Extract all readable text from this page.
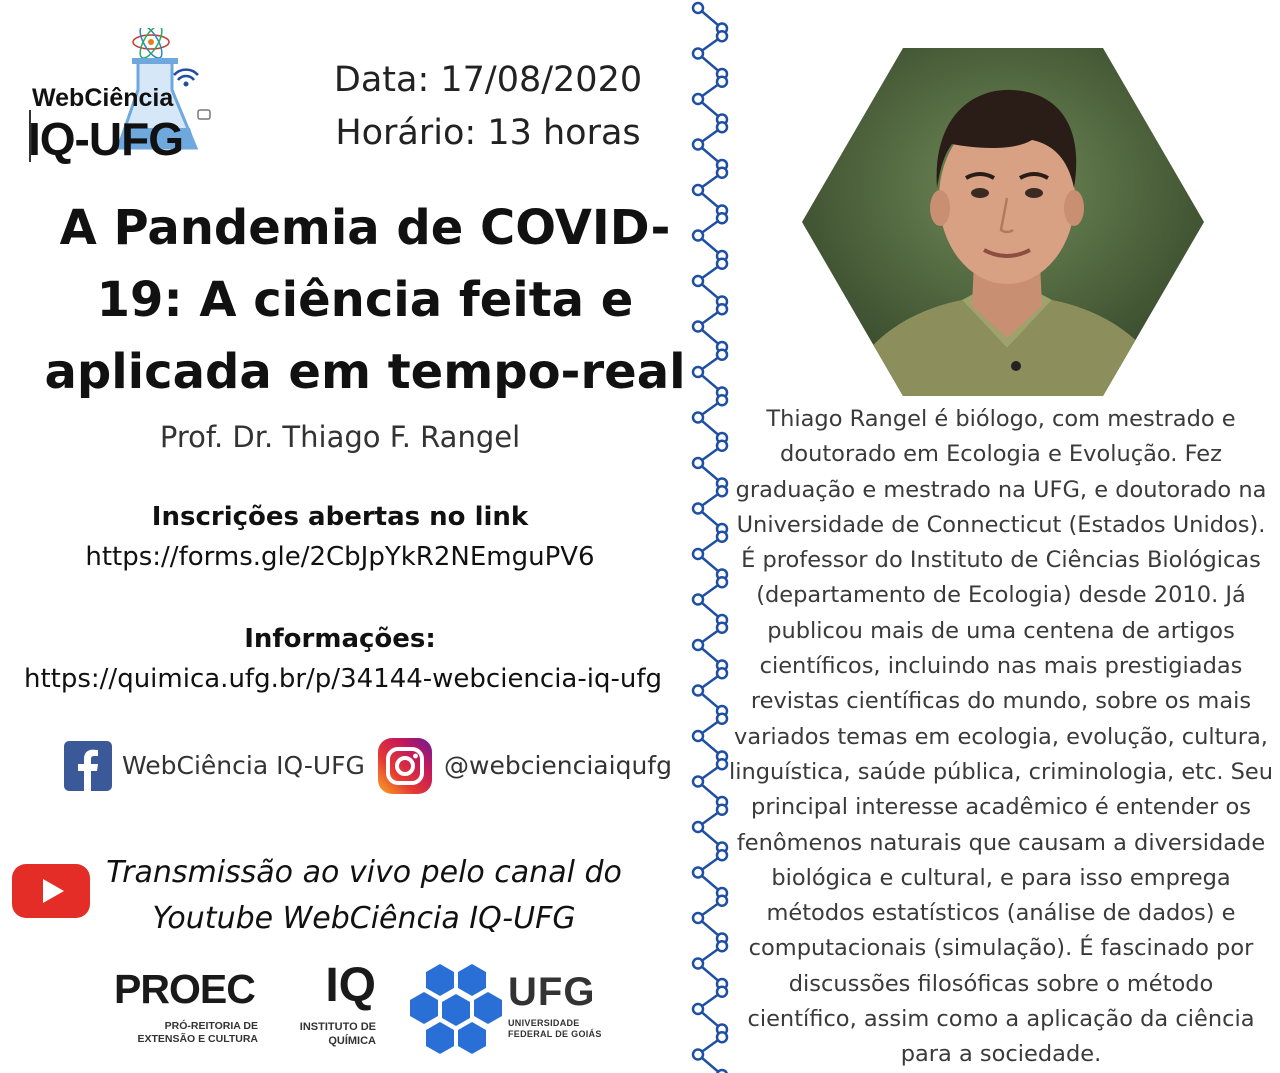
WebCiência
IQ-UFG
Data: 17/08/2020
Horário: 13 horas
A Pandemia de COVID-
19: A ciência feita e
aplicada em tempo-real
Prof. Dr. Thiago F. Rangel
Inscrições abertas no link
https://forms.gle/2CbJpYkR2NEmguPV6
Informações:
https://quimica.ufg.br/p/34144-webciencia-iq-ufg
WebCiência IQ-UFG	@webcienciaiqufg
Transmissão ao vivo pelo canal do
Youtube WebCiência IQ-UFG
PROEC
PRÓ-REITORIA DE
EXTENSÃO E CULTURA
IQ
INSTITUTO DE
QUÍMICA
UFG
UNIVERSIDADE
FEDERAL DE GOIÁS
Thiago Rangel é biólogo, com mestrado e
doutorado em Ecologia e Evolução. Fez
graduação e mestrado na UFG, e doutorado na
Universidade de Connecticut (Estados Unidos).
É professor do Instituto de Ciências Biológicas
(departamento de Ecologia) desde 2010. Já
publicou mais de uma centena de artigos
científicos, incluindo nas mais prestigiadas
revistas científicas do mundo, sobre os mais
variados temas em ecologia, evolução, cultura,
linguística, saúde pública, criminologia, etc. Seu
principal interesse acadêmico é entender os
fenômenos naturais que causam a diversidade
biológica e cultural, e para isso emprega
métodos estatísticos (análise de dados) e
computacionais (simulação). É fascinado por
discussões filosóficas sobre o método
científico, assim como a aplicação da ciência
para a sociedade.
